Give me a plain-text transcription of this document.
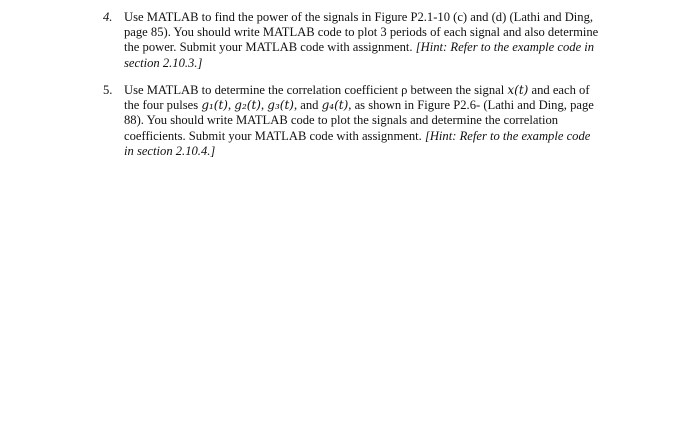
4. Use MATLAB to find the power of the signals in Figure P2.1-10 (c) and (d) (Lathi and Ding, page 85). You should write MATLAB code to plot 3 periods of each signal and also determine the power. Submit your MATLAB code with assignment. [Hint: Refer to the example code in section 2.10.3.]
5. Use MATLAB to determine the correlation coefficient ρ between the signal x(t) and each of the four pulses g₁(t), g₂(t), g₃(t), and g₄(t), as shown in Figure P2.6- (Lathi and Ding, page 88). You should write MATLAB code to plot the signals and determine the correlation coefficients. Submit your MATLAB code with assignment. [Hint: Refer to the example code in section 2.10.4.]
